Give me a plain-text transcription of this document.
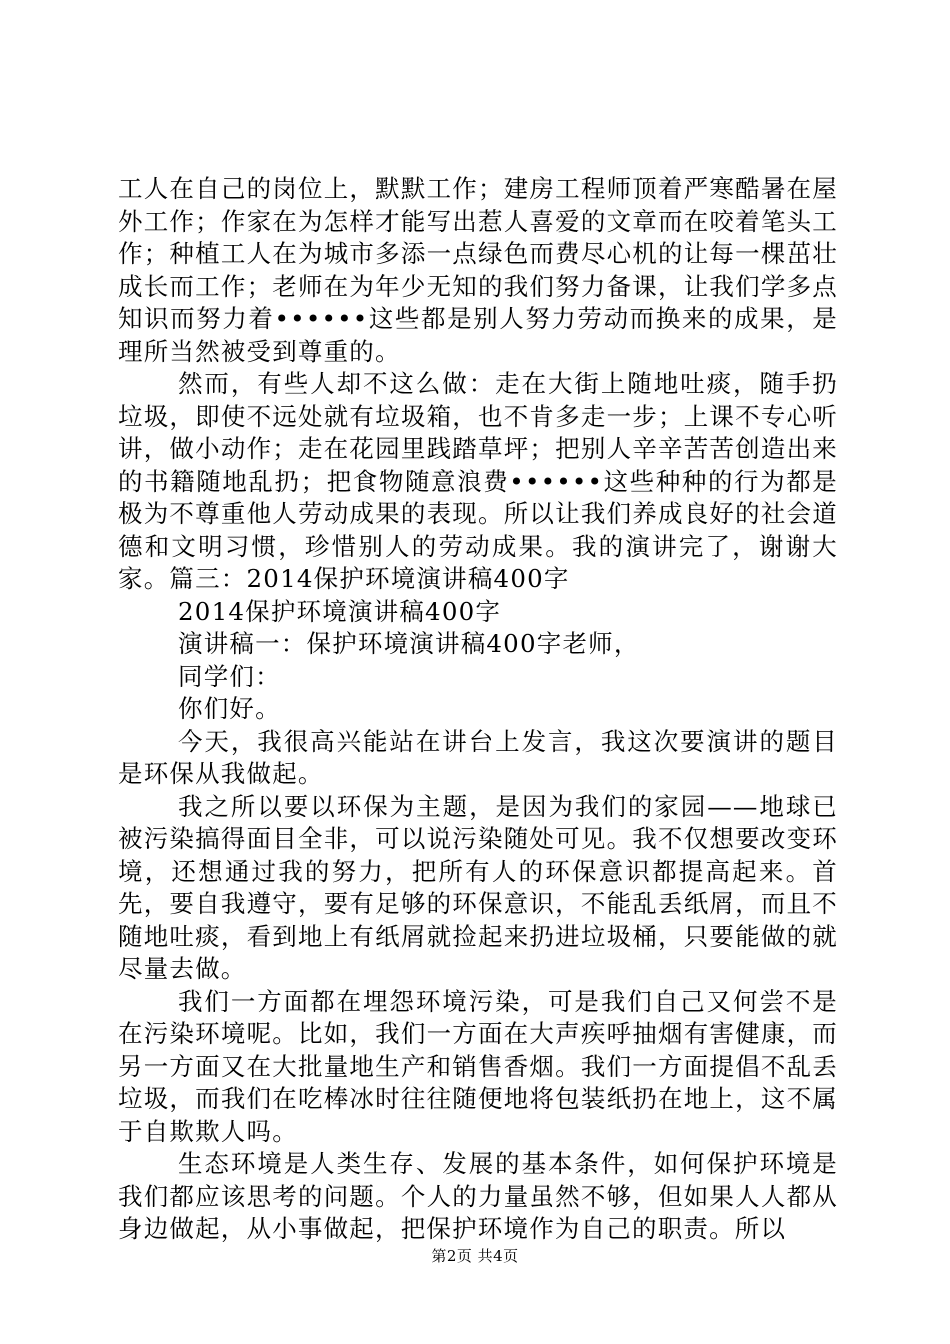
工人在自己的岗位上，默默工作；建房工程师顶着严寒酷暑在屋外工作；作家在为怎样才能写出惹人喜爱的文章而在咬着笔头工作；种植工人在为城市多添一点绿色而费尽心机的让每一棵茁壮成长而工作；老师在为年少无知的我们努力备课，让我们学多点知识而努力着••••••这些都是别人努力劳动而换来的成果，是理所当然被受到尊重的。

然而，有些人却不这么做：走在大街上随地吐痰，随手扔垃圾，即使不远处就有垃圾箱，也不肯多走一步；上课不专心听讲，做小动作；走在花园里践踏草坪；把别人辛辛苦苦创造出来的书籍随地乱扔；把食物随意浪费••••••这些种种的行为都是极为不尊重他人劳动成果的表现。所以让我们养成良好的社会道德和文明习惯，珍惜别人的劳动成果。我的演讲完了，谢谢大家。篇三：2014保护环境演讲稿400字

2014保护环境演讲稿400字

演讲稿一：保护环境演讲稿400字老师，

同学们：

你们好。

今天，我很高兴能站在讲台上发言，我这次要演讲的题目是环保从我做起。

我之所以要以环保为主题，是因为我们的家园——地球已被污染搞得面目全非，可以说污染随处可见。我不仅想要改变环境，还想通过我的努力，把所有人的环保意识都提高起来。首先，要自我遵守，要有足够的环保意识，不能乱丢纸屑，而且不随地吐痰，看到地上有纸屑就捡起来扔进垃圾桶，只要能做的就尽量去做。

我们一方面都在埋怨环境污染，可是我们自己又何尝不是在污染环境呢。比如，我们一方面在大声疾呼抽烟有害健康，而另一方面又在大批量地生产和销售香烟。我们一方面提倡不乱丢垃圾，而我们在吃棒冰时往往随便地将包装纸扔在地上，这不属于自欺欺人吗。

生态环境是人类生存、发展的基本条件，如何保护环境是我们都应该思考的问题。个人的力量虽然不够，但如果人人都从身边做起，从小事做起，把保护环境作为自己的职责。所以

第2页 共4页
